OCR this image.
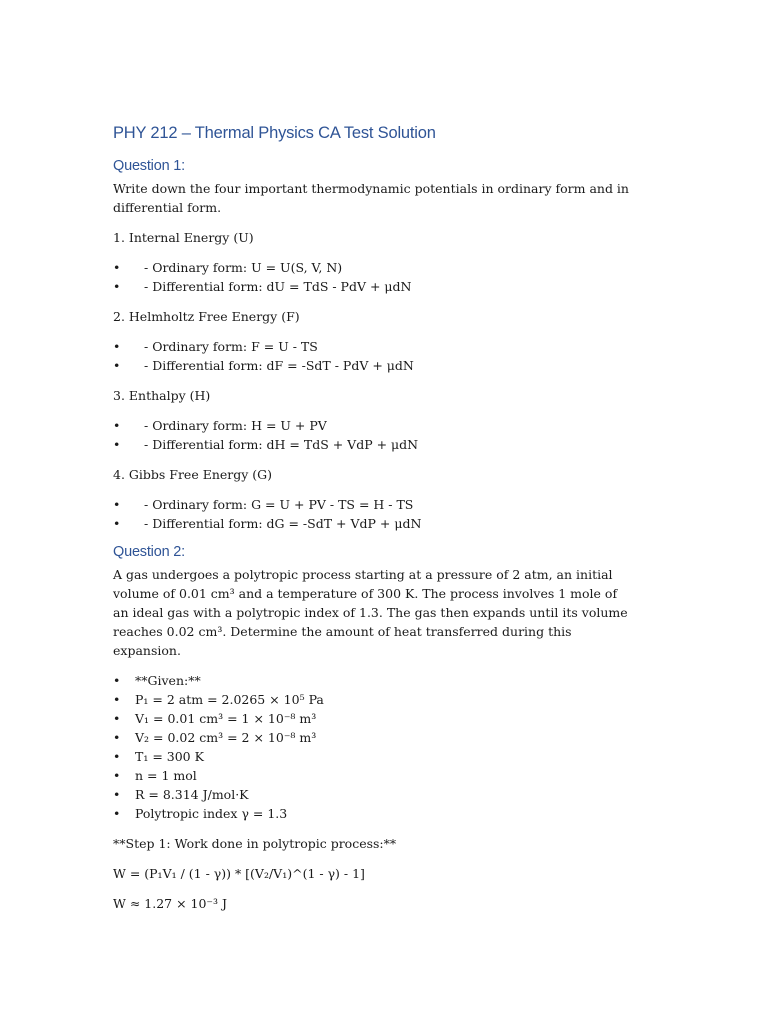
PHY 212 – Thermal Physics CA Test Solution
Question 1:

Write down the four important thermodynamic potentials in ordinary form and in differential form.

1. Internal Energy (U)

• - Ordinary form: U = U(S, V, N)
• - Differential form: dU = TdS - PdV + μdN

2. Helmholtz Free Energy (F)

• - Ordinary form: F = U - TS
• - Differential form: dF = -SdT - PdV + μdN

3. Enthalpy (H)

• - Ordinary form: H = U + PV
• - Differential form: dH = TdS + VdP + μdN

4. Gibbs Free Energy (G)

• - Ordinary form: G = U + PV - TS = H - TS
• - Differential form: dG = -SdT + VdP + μdN
Question 2:

A gas undergoes a polytropic process starting at a pressure of 2 atm, an initial volume of 0.01 cm³ and a temperature of 300 K. The process involves 1 mole of an ideal gas with a polytropic index of 1.3. The gas then expands until its volume reaches 0.02 cm³. Determine the amount of heat transferred during this expansion.

• **Given:**
• P₁ = 2 atm = 2.0265 × 10⁵ Pa
• V₁ = 0.01 cm³ = 1 × 10⁻⁸ m³
• V₂ = 0.02 cm³ = 2 × 10⁻⁸ m³
• T₁ = 300 K
• n = 1 mol
• R = 8.314 J/mol·K
• Polytropic index γ = 1.3

**Step 1: Work done in polytropic process:**

W = (P₁V₁ / (1 - γ)) * [(V₂/V₁)^(1 - γ) - 1]

W ≈ 1.27 × 10⁻³ J
